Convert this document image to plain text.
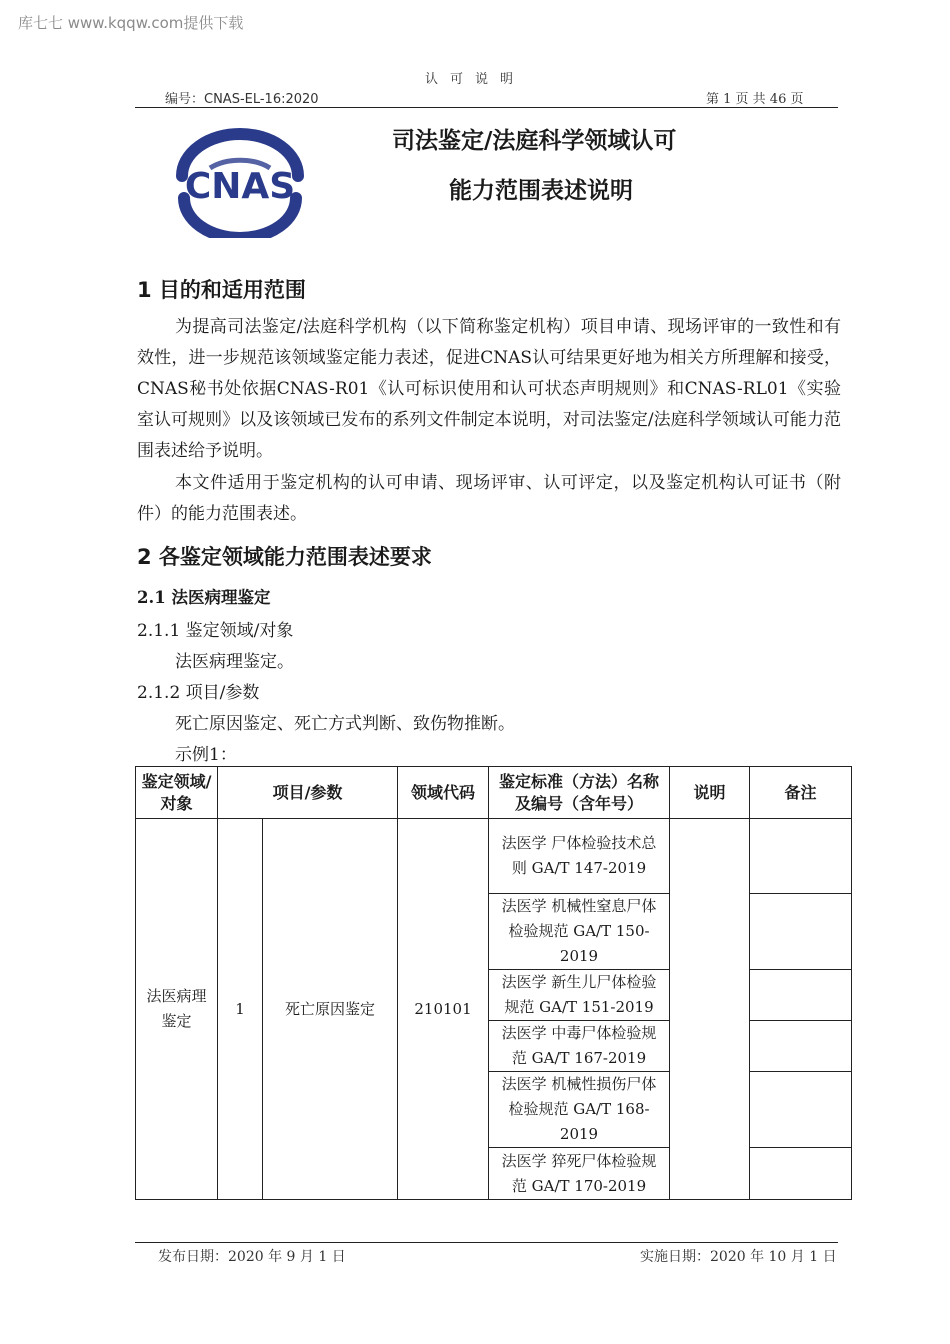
库七七 www.kqqw.com提供下载
认可说明
编号：CNAS-EL-16:2020	第 1 页 共 46 页
CNAS
司法鉴定/法庭科学领域认可
能力范围表述说明
1 目的和适用范围
为提高司法鉴定/法庭科学机构（以下简称鉴定机构）项目申请、现场评审的一致性和有效性，进一步规范该领域鉴定能力表述，促进CNAS认可结果更好地为相关方所理解和接受，CNAS秘书处依据CNAS-R01《认可标识使用和认可状态声明规则》和CNAS-RL01《实验室认可规则》以及该领域已发布的系列文件制定本说明，对司法鉴定/法庭科学领域认可能力范围表述给予说明。
本文件适用于鉴定机构的认可申请、现场评审、认可评定，以及鉴定机构认可证书（附件）的能力范围表述。
2 各鉴定领域能力范围表述要求
2.1 法医病理鉴定
2.1.1 鉴定领域/对象
法医病理鉴定。
2.1.2 项目/参数
死亡原因鉴定、死亡方式判断、致伤物推断。
示例1：
鉴定领域/对象	项目/参数		领域代码	鉴定标准（方法）名称及编号（含年号）	说明	备注
法医病理鉴定	1	死亡原因鉴定	210101	法医学 尸体检验技术总则 GA/T 147-2019		
				法医学 机械性窒息尸体检验规范 GA/T 150-2019		
				法医学 新生儿尸体检验规范 GA/T 151-2019		
				法医学 中毒尸体检验规范 GA/T 167-2019		
				法医学 机械性损伤尸体检验规范 GA/T 168-2019		
				法医学 猝死尸体检验规范 GA/T 170-2019		
发布日期：2020 年 9 月 1 日	实施日期：2020 年 10 月 1 日
